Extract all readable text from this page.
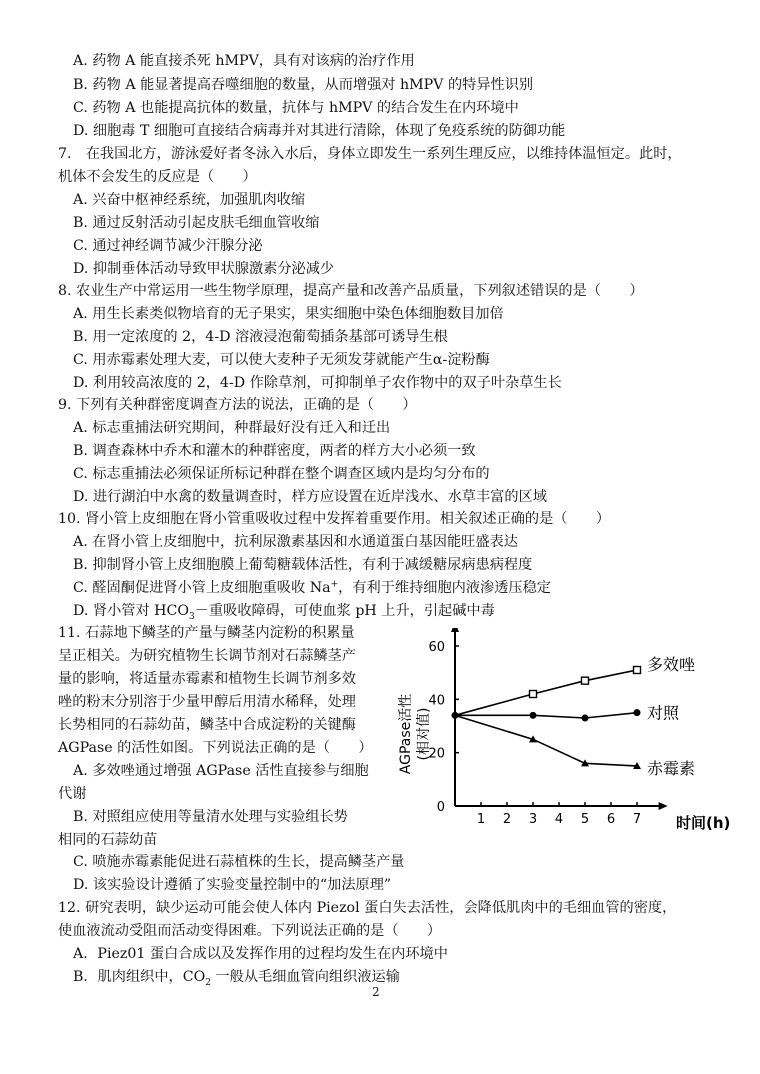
A. 药物 A 能直接杀死 hMPV，具有对该病的治疗作用
B. 药物 A 能显著提高吞噬细胞的数量，从而增强对 hMPV 的特异性识别
C. 药物 A 也能提高抗体的数量，抗体与 hMPV 的结合发生在内环境中
D. 细胞毒 T 细胞可直接结合病毒并对其进行清除，体现了免疫系统的防御功能
7.　在我国北方，游泳爱好者冬泳入水后，身体立即发生一系列生理反应，以维持体温恒定。此时，
机体不会发生的反应是（　　）
A. 兴奋中枢神经系统，加强肌肉收缩
B. 通过反射活动引起皮肤毛细血管收缩
C. 通过神经调节减少汗腺分泌
D. 抑制垂体活动导致甲状腺激素分泌减少
8. 农业生产中常运用一些生物学原理，提高产量和改善产品质量，下列叙述错误的是（　　）
A. 用生长素类似物培育的无子果实，果实细胞中染色体细胞数目加倍
B. 用一定浓度的 2，4-D 溶液浸泡葡萄插条基部可诱导生根
C. 用赤霉素处理大麦，可以使大麦种子无须发芽就能产生α-淀粉酶
D. 利用较高浓度的 2，4-D 作除草剂，可抑制单子农作物中的双子叶杂草生长
9. 下列有关种群密度调查方法的说法，正确的是（　　）
A. 标志重捕法研究期间，种群最好没有迁入和迁出
B. 调查森林中乔木和灌木的种群密度，两者的样方大小必须一致
C. 标志重捕法必须保证所标记种群在整个调查区域内是均匀分布的
D. 进行湖泊中水禽的数量调查时，样方应设置在近岸浅水、水草丰富的区域
10. 肾小管上皮细胞在肾小管重吸收过程中发挥着重要作用。相关叙述正确的是（　　）
A. 在肾小管上皮细胞中，抗利尿激素基因和水通道蛋白基因能旺盛表达
B. 抑制肾小管上皮细胞膜上葡萄糖载体活性，有利于减缓糖尿病患病程度
C. 醛固酮促进肾小管上皮细胞重吸收 Na+，有利于维持细胞内液渗透压稳定
D. 肾小管对 $HCO_3-$重吸收障碍，可使血浆 pH 上升，引起碱中毒
11. 石蒜地下鳞茎的产量与鳞茎内淀粉的积累量
呈正相关。为研究植物生长调节剂对石蒜鳞茎产
量的影响，将适量赤霉素和植物生长调节剂多效
唑的粉末分别溶于少量甲醇后用清水稀释，处理
长势相同的石蒜幼苗，鳞茎中合成淀粉的关键酶
AGPase 的活性如图。下列说法正确的是（　　）
A. 多效唑通过增强 AGPase 活性直接参与细胞
代谢
B. 对照组应使用等量清水处理与实验组长势
相同的石蒜幼苗
C. 喷施赤霉素能促进石蒜植株的生长，提高鳞茎产量
D. 该实验设计遵循了实验变量控制中的“加法原理”
1 2 3 4 5 6 7
0
20
40
60
多效唑
对照
赤霉素
AGPase活性 (相对值)
时间(h)
12. 研究表明，缺少运动可能会使人体内 Piezol 蛋白失去活性，会降低肌肉中的毛细血管的密度，
使血液流动受阻而活动变得困难。下列说法正确的是（　　）
A．Piez01 蛋白合成以及发挥作用的过程均发生在内环境中
B．肌肉组织中，$CO_2$ 一般从毛细血管向组织液运输
2
